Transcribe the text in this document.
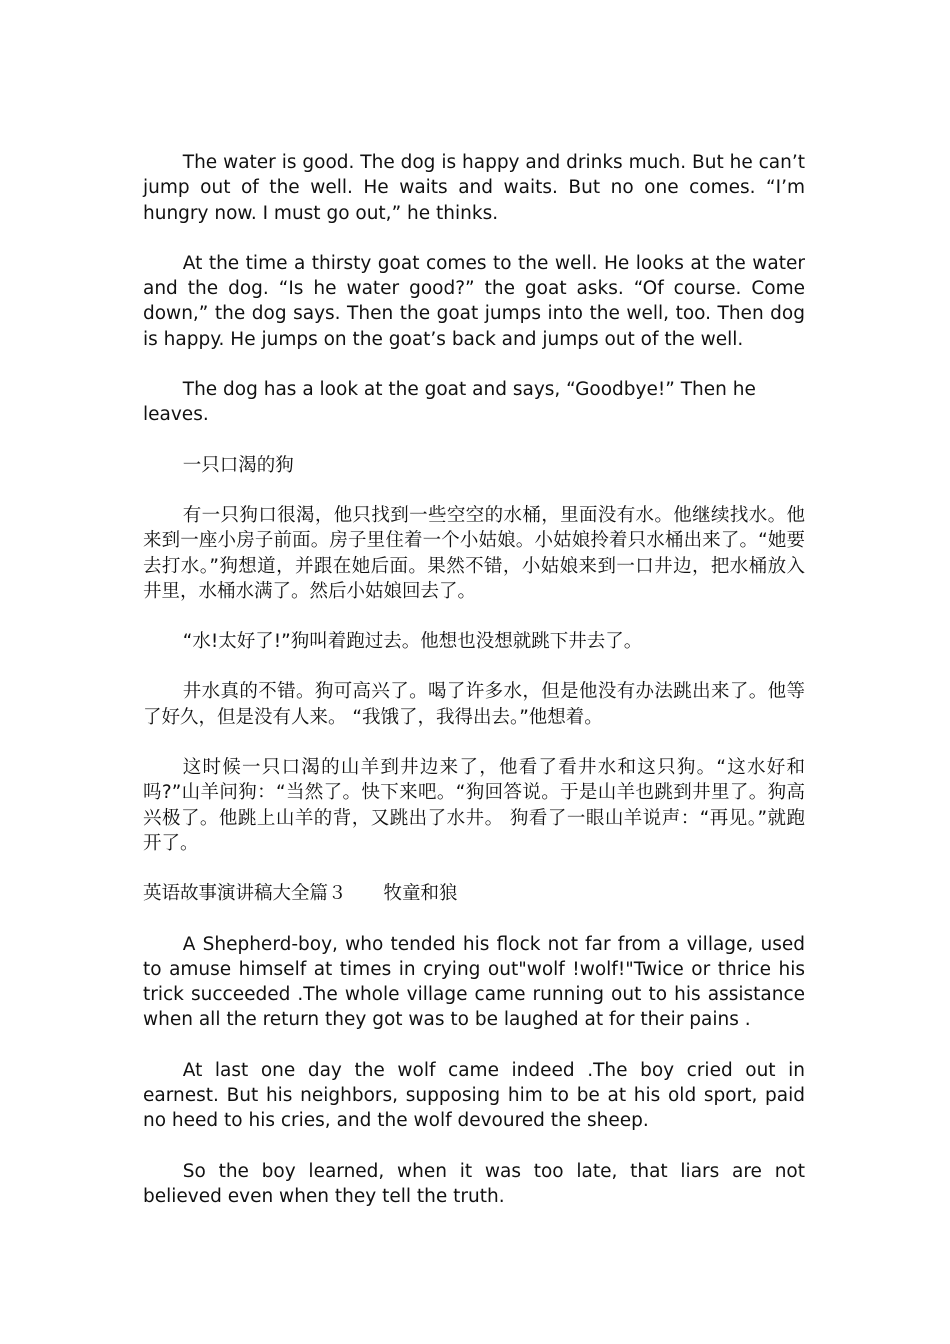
The water is good. The dog is happy and drinks much. But he can’t jump out of the well. He waits and waits. But no one comes. “I’m hungry now. I must go out,” he thinks.

At the time a thirsty goat comes to the well. He looks at the water and the dog. “Is he water good?” the goat asks. “Of course. Come down,” the dog says. Then the goat jumps into the well, too. Then dog is happy. He jumps on the goat’s back and jumps out of the well.

The dog has a look at the goat and says, “Goodbye!” Then he leaves.

一只口渴的狗

有一只狗口很渴，他只找到一些空空的水桶，里面没有水。他继续找水。他来到一座小房子前面。房子里住着一个小姑娘。小姑娘拎着只水桶出来了。“她要去打水。”狗想道，并跟在她后面。果然不错，小姑娘来到一口井边，把水桶放入井里，水桶水满了。然后小姑娘回去了。

“水!太好了!”狗叫着跑过去。他想也没想就跳下井去了。

井水真的不错。狗可高兴了。喝了许多水，但是他没有办法跳出来了。他等了好久，但是没有人来。 “我饿了，我得出去。”他想着。

这时候一只口渴的山羊到井边来了，他看了看井水和这只狗。“这水好和吗?”山羊问狗：“当然了。快下来吧。“狗回答说。于是山羊也跳到井里了。狗高兴极了。他跳上山羊的背，又跳出了水井。 狗看了一眼山羊说声：“再见。”就跑开了。

英语故事演讲稿大全篇３　　牧童和狼

A Shepherd-boy, who tended his flock not far from a village, used to amuse himself at times in crying out"wolf !wolf!"Twice or thrice his trick succeeded .The whole village came running out to his assistance when all the return they got was to be laughed at for their pains .

At last one day the wolf came indeed .The boy cried out in earnest. But his neighbors, supposing him to be at his old sport, paid no heed to his cries, and the wolf devoured the sheep.

So the boy learned, when it was too late, that liars are not believed even when they tell the truth.
